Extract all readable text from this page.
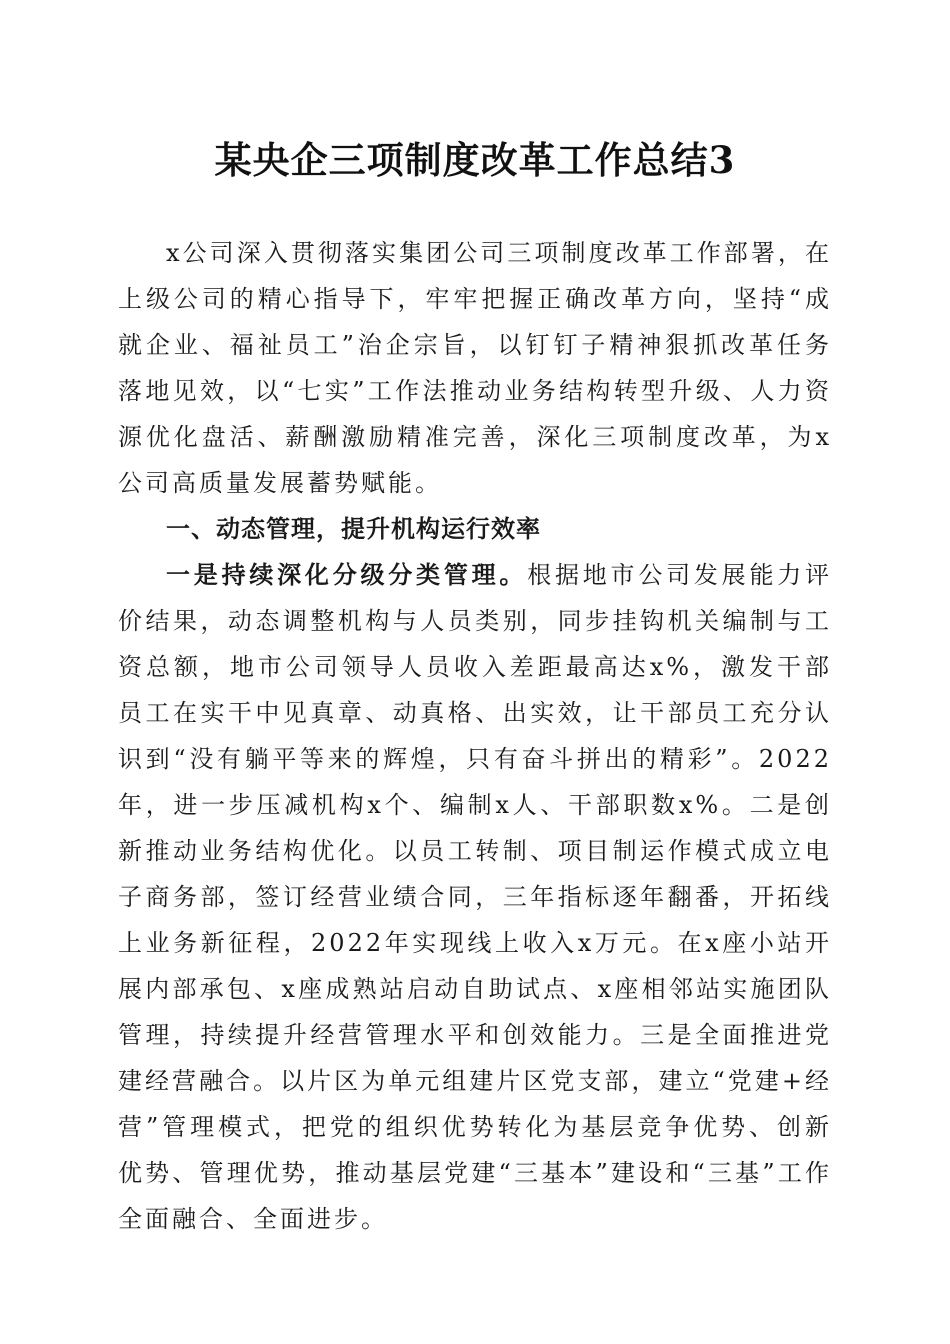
某央企三项制度改革工作总结3

x公司深入贯彻落实集团公司三项制度改革工作部署，在上级公司的精心指导下，牢牢把握正确改革方向，坚持“成就企业、福祉员工”治企宗旨，以钉钉子精神狠抓改革任务落地见效，以“七实”工作法推动业务结构转型升级、人力资源优化盘活、薪酬激励精准完善，深化三项制度改革，为x公司高质量发展蓄势赋能。

一、动态管理，提升机构运行效率

一是持续深化分级分类管理。根据地市公司发展能力评价结果，动态调整机构与人员类别，同步挂钩机关编制与工资总额，地市公司领导人员收入差距最高达x%，激发干部员工在实干中见真章、动真格、出实效，让干部员工充分认识到“没有躺平等来的辉煌，只有奋斗拼出的精彩”。2022年，进一步压减机构x个、编制x人、干部职数x%。二是创新推动业务结构优化。以员工转制、项目制运作模式成立电子商务部，签订经营业绩合同，三年指标逐年翻番，开拓线上业务新征程，2022年实现线上收入x万元。在x座小站开展内部承包、x座成熟站启动自助试点、x座相邻站实施团队管理，持续提升经营管理水平和创效能力。三是全面推进党建经营融合。以片区为单元组建片区党支部，建立“党建+经营”管理模式，把党的组织优势转化为基层竞争优势、创新优势、管理优势，推动基层党建“三基本”建设和“三基”工作全面融合、全面进步。
